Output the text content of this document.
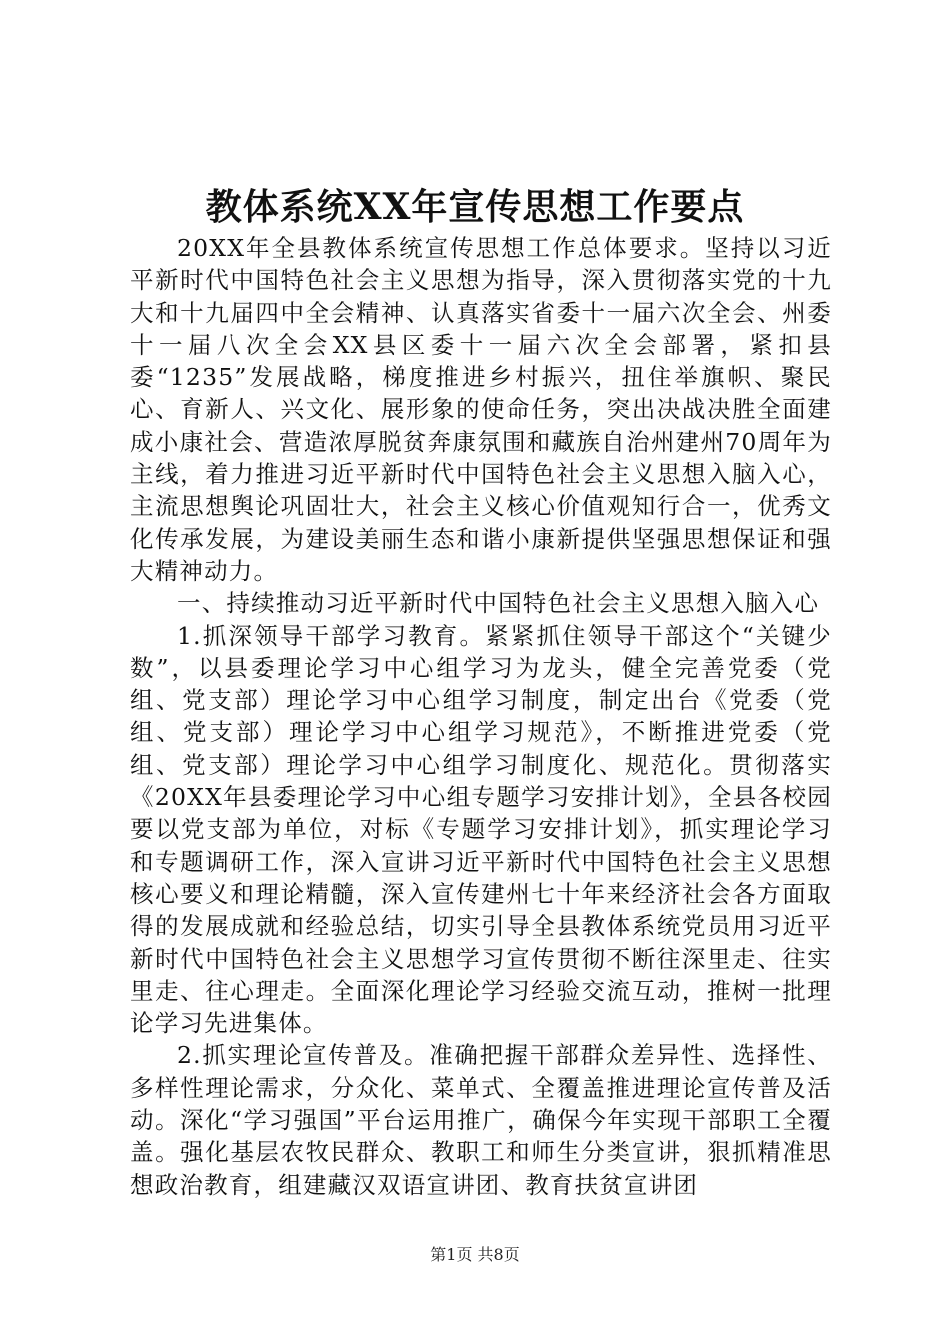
教体系统XX年宣传思想工作要点

20XX年全县教体系统宣传思想工作总体要求。坚持以习近平新时代中国特色社会主义思想为指导，深入贯彻落实党的十九大和十九届四中全会精神、认真落实省委十一届六次全会、州委十一届八次全会XX县区委十一届六次全会部署，紧扣县委“1235”发展战略，梯度推进乡村振兴，扭住举旗帜、聚民心、育新人、兴文化、展形象的使命任务，突出决战决胜全面建成小康社会、营造浓厚脱贫奔康氛围和藏族自治州建州70周年为主线，着力推进习近平新时代中国特色社会主义思想入脑入心，主流思想舆论巩固壮大，社会主义核心价值观知行合一，优秀文化传承发展，为建设美丽生态和谐小康新提供坚强思想保证和强大精神动力。

一、持续推动习近平新时代中国特色社会主义思想入脑入心

1.抓深领导干部学习教育。紧紧抓住领导干部这个“关键少数”，以县委理论学习中心组学习为龙头，健全完善党委（党组、党支部）理论学习中心组学习制度，制定出台《党委（党组、党支部）理论学习中心组学习规范》，不断推进党委（党组、党支部）理论学习中心组学习制度化、规范化。贯彻落实《20XX年县委理论学习中心组专题学习安排计划》，全县各校园要以党支部为单位，对标《专题学习安排计划》，抓实理论学习和专题调研工作，深入宣讲习近平新时代中国特色社会主义思想核心要义和理论精髓，深入宣传建州七十年来经济社会各方面取得的发展成就和经验总结，切实引导全县教体系统党员用习近平新时代中国特色社会主义思想学习宣传贯彻不断往深里走、往实里走、往心理走。全面深化理论学习经验交流互动，推树一批理论学习先进集体。

2.抓实理论宣传普及。准确把握干部群众差异性、选择性、多样性理论需求，分众化、菜单式、全覆盖推进理论宣传普及活动。深化“学习强国”平台运用推广，确保今年实现干部职工全覆盖。强化基层农牧民群众、教职工和师生分类宣讲，狠抓精准思想政治教育，组建藏汉双语宣讲团、教育扶贫宣讲团

第1页 共8页
